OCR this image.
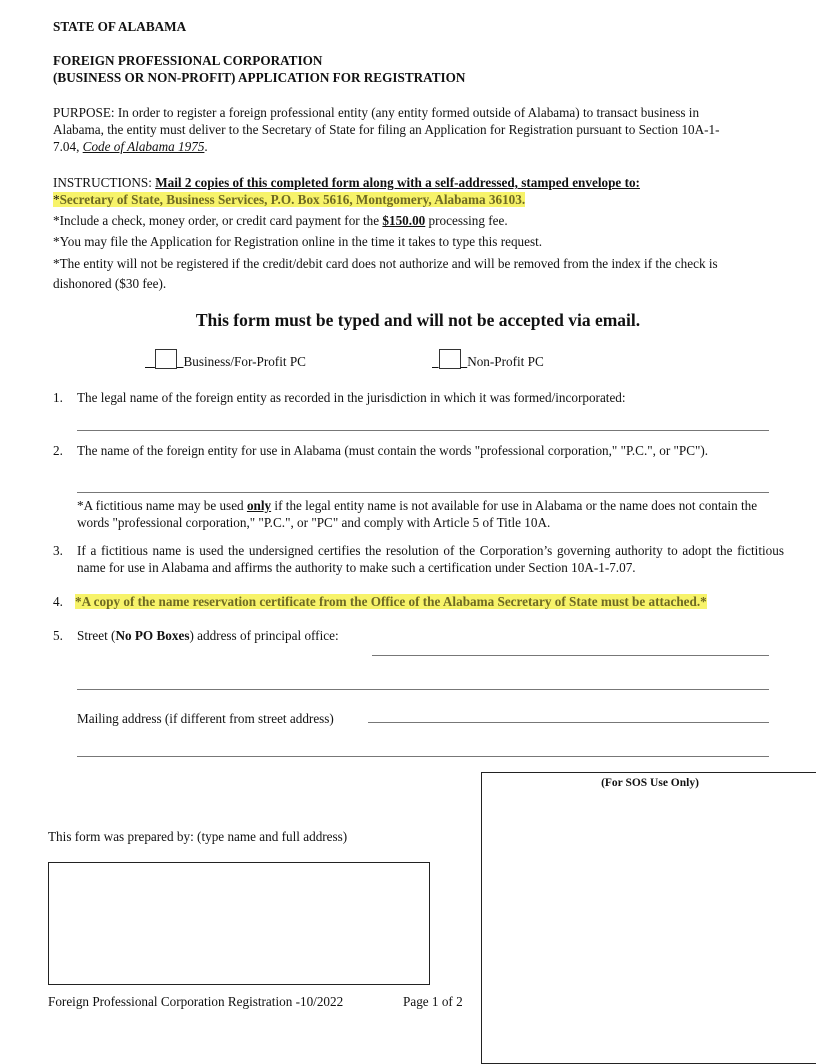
STATE OF ALABAMA
FOREIGN PROFESSIONAL CORPORATION
(BUSINESS OR NON-PROFIT) APPLICATION FOR REGISTRATION
PURPOSE: In order to register a foreign professional entity (any entity formed outside of Alabama) to transact business in Alabama, the entity must deliver to the Secretary of State for filing an Application for Registration pursuant to Section 10A-1-7.04, Code of Alabama 1975.
INSTRUCTIONS: Mail 2 copies of this completed form along with a self-addressed, stamped envelope to:
*Secretary of State, Business Services, P.O. Box 5616, Montgomery, Alabama 36103.
*Include a check, money order, or credit card payment for the $150.00 processing fee.
*You may file the Application for Registration online in the time it takes to type this request.
*The entity will not be registered if the credit/debit card does not authorize and will be removed from the index if the check is dishonored ($30 fee).
This form must be typed and will not be accepted via email.
Business/For-Profit PC	Non-Profit PC
1. The legal name of the foreign entity as recorded in the jurisdiction in which it was formed/incorporated:
2. The name of the foreign entity for use in Alabama (must contain the words "professional corporation," "P.C.", or "PC").
*A fictitious name may be used only if the legal entity name is not available for use in Alabama or the name does not contain the words "professional corporation," "P.C.", or "PC" and comply with Article 5 of Title 10A.
3. If a fictitious name is used the undersigned certifies the resolution of the Corporation’s governing authority to adopt the fictitious name for use in Alabama and affirms the authority to make such a certification under Section 10A-1-7.07.
4. *A copy of the name reservation certificate from the Office of the Alabama Secretary of State must be attached.*
5. Street (No PO Boxes) address of principal office:
Mailing address (if different from street address)
(For SOS Use Only)
This form was prepared by: (type name and full address)
Foreign Professional Corporation Registration -10/2022	Page 1 of 2
